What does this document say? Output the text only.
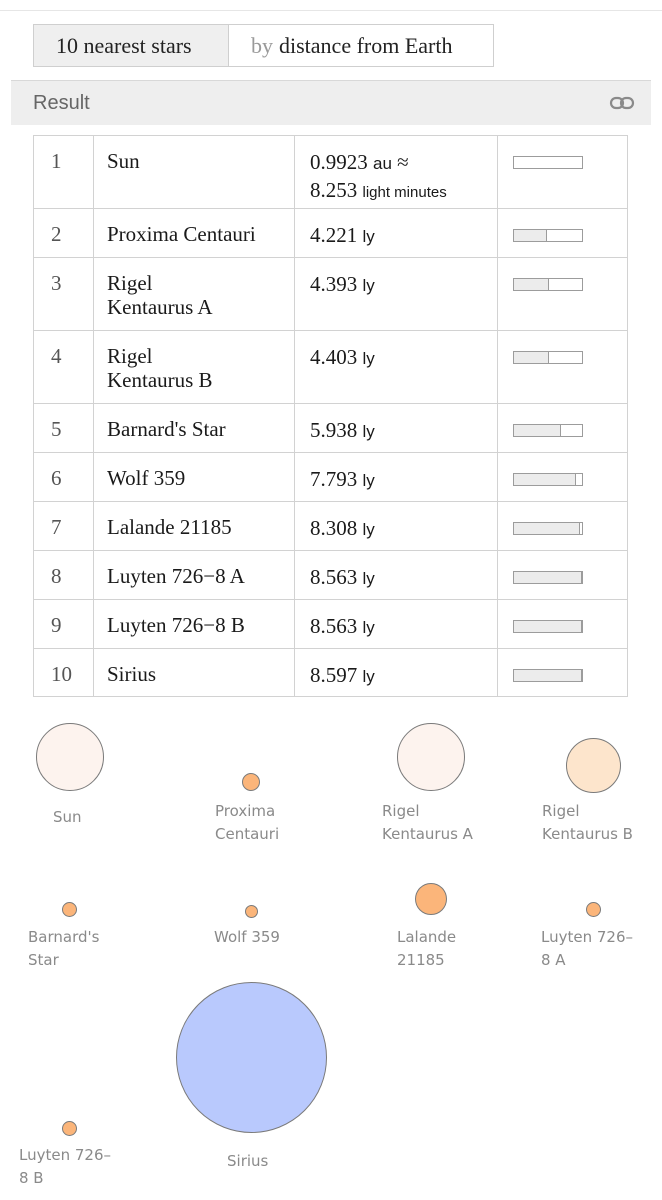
10 nearest stars	by distance from Earth
Result
1	Sun	0.9923 au ≈
8.253 light minutes	

2	Proxima Centauri	4.221 ly	

3	Rigel
Kentaurus A	4.393 ly	

4	Rigel
Kentaurus B	4.403 ly	

5	Barnard's Star	5.938 ly	

6	Wolf 359	7.793 ly	

7	Lalande 21185	8.308 ly	

8	Luyten 726−8 A	8.563 ly	

9	Luyten 726−8 B	8.563 ly	

10	Sirius	8.597 ly	
Sun	Proxima
Centauri
Rigel
Kentaurus A
Rigel
Kentaurus B
Barnard's
Star
Wolf 359	Lalande
21185
Luyten 726–
8 A
Luyten 726–
8 B
Sirius
